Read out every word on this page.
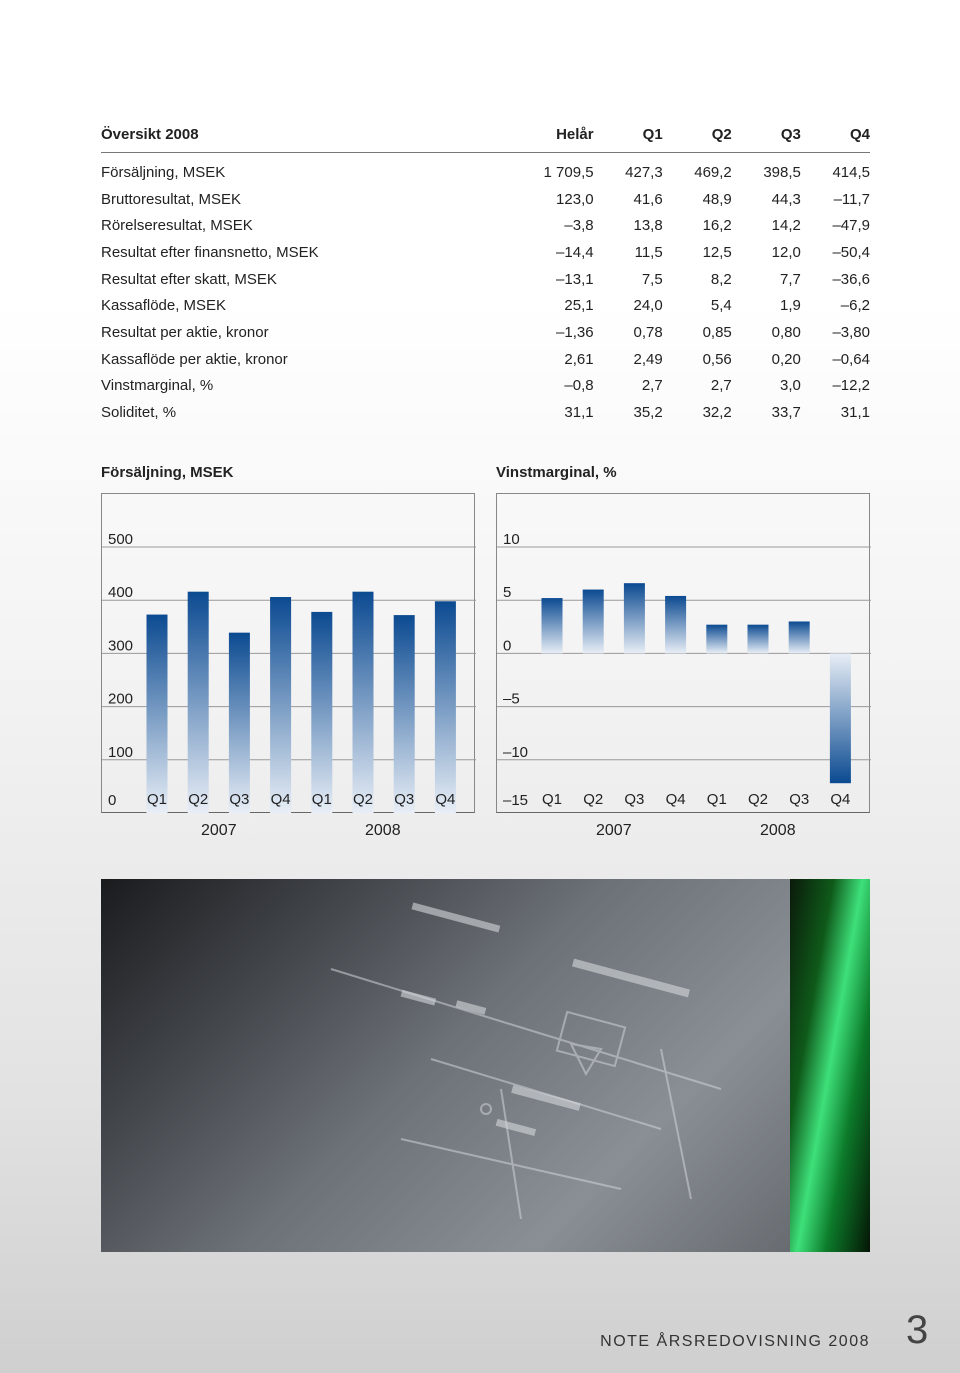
Översikt 2008	Helår	Q1	Q2	Q3	Q4
Försäljning, MSEK	1 709,5	427,3	469,2	398,5	414,5
Bruttoresultat, MSEK	123,0	41,6	48,9	44,3	–11,7
Rörelseresultat, MSEK	–3,8	13,8	16,2	14,2	–47,9
Resultat efter finansnetto, MSEK	–14,4	11,5	12,5	12,0	–50,4
Resultat efter skatt, MSEK	–13,1	7,5	8,2	7,7	–36,6
Kassaflöde, MSEK	25,1	24,0	5,4	1,9	–6,2
Resultat per aktie, kronor	–1,36	0,78	0,85	0,80	–3,80
Kassaflöde per aktie, kronor	2,61	2,49	0,56	0,20	–0,64
Vinstmarginal, %	–0,8	2,7	2,7	3,0	–12,2
Soliditet, %	31,1	35,2	32,2	33,7	31,1
Försäljning, MSEK	Vinstmarginal, %
0
100
200
300
400
500
Q1 Q2 Q3 Q4 Q1 Q2 Q3 Q4	–15
–10
–5
0
5
10
Q1 Q2 Q3 Q4 Q1 Q2 Q3 Q4
2007	2008	2007	2008
NOTE ÅRSREDOVISNING 2008 3
